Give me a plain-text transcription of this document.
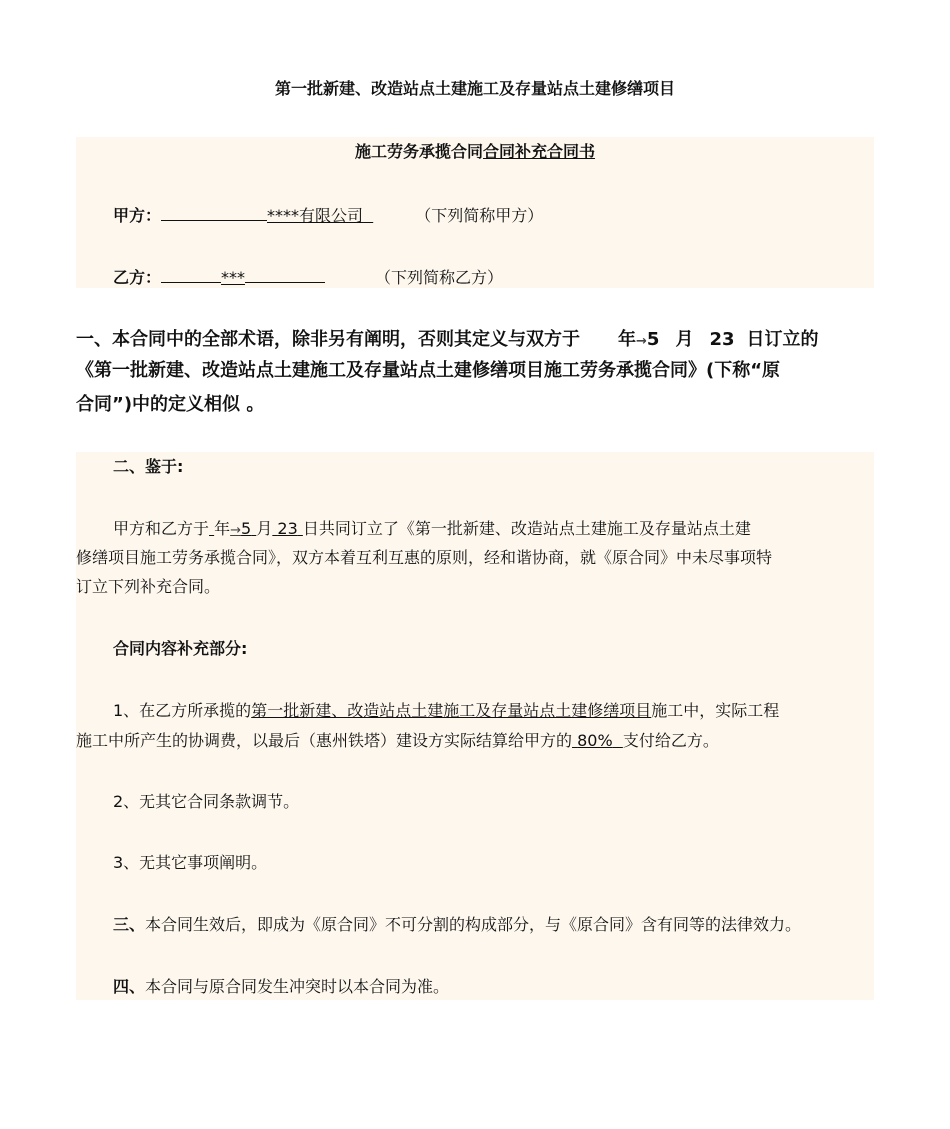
第一批新建、改造站点土建施工及存量站点土建修缮项目
施工劳务承揽合同合同补充合同书
甲方：	****有限公司	（下列简称甲方）
乙方：	***	（下列简称乙方）
一、本合同中的全部术语，除非另有阐明，否则其定义与双方于 年→5 月 23 日订立的
《第一批新建、改造站点土建施工及存量站点土建修缮项目施工劳务承揽合同》(下称“原
合同”)中的定义相似 。
二、鉴于:
甲方和乙方于 年→5 月 23 日共同订立了《第一批新建、改造站点土建施工及存量站点土建
修缮项目施工劳务承揽合同》，双方本着互利互惠的原则，经和谐协商，就《原合同》中未尽事项特
订立下列补充合同。
合同内容补充部分:
1、在乙方所承揽的第一批新建、改造站点土建施工及存量站点土建修缮项目施工中，实际工程
施工中所产生的协调费，以最后（惠州铁塔）建设方实际结算给甲方的 80% 支付给乙方。
2、无其它合同条款调节。
3、无其它事项阐明。
三、本合同生效后，即成为《原合同》不可分割的构成部分，与《原合同》含有同等的法律效力。
四、本合同与原合同发生冲突时以本合同为准。
